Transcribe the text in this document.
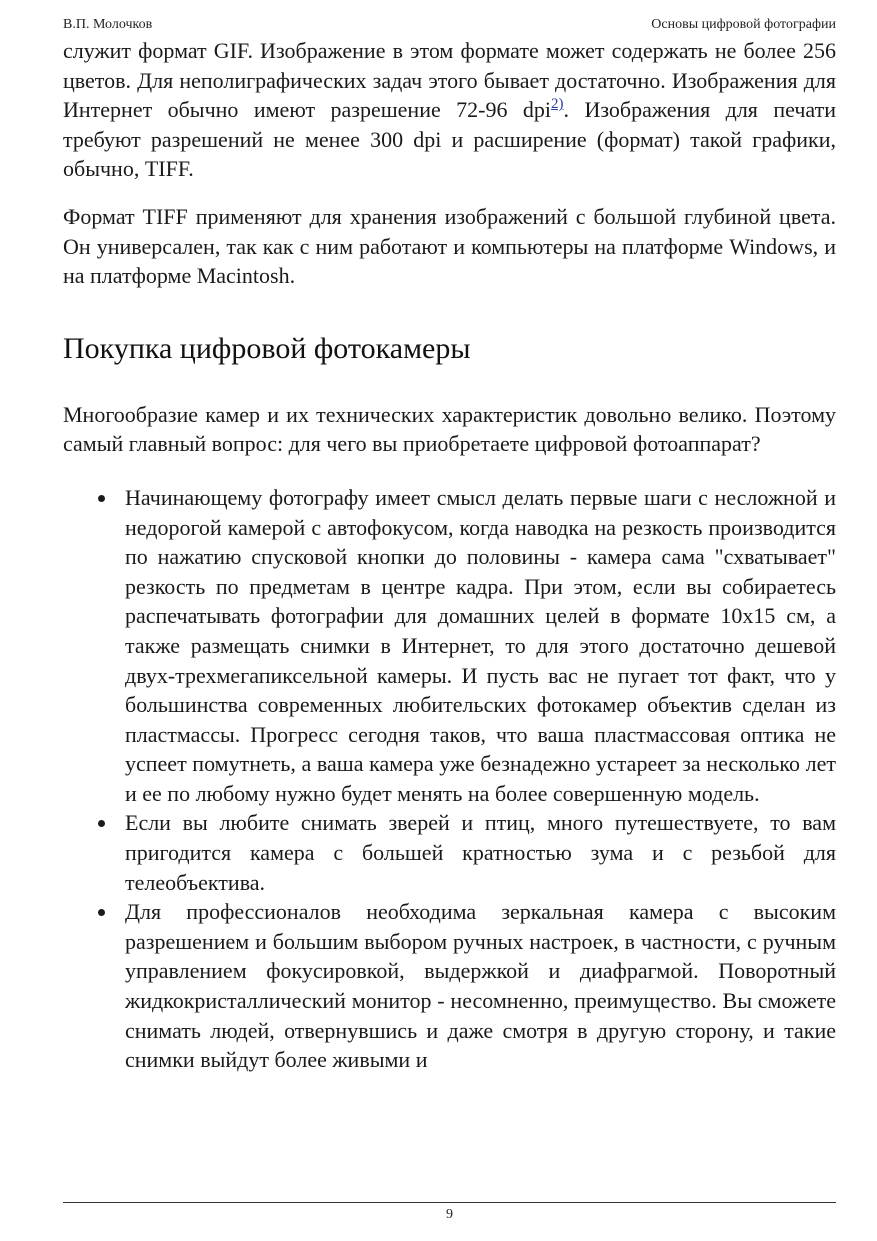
В.П. Молочков	Основы цифровой фотографии

служит формат GIF. Изображение в этом формате может содержать не более 256 цветов. Для неполиграфических задач этого бывает достаточно. Изображения для Интернет обычно имеют разрешение 72-96 dpi$^{2)}$. Изображения для печати требуют разрешений не менее 300 dpi и расширение (формат) такой графики, обычно, TIFF.

Формат TIFF применяют для хранения изображений с большой глубиной цвета. Он универсален, так как с ним работают и компьютеры на платформе Windows, и на платформе Macintosh.

Покупка цифровой фотокамеры

Многообразие камер и их технических характеристик довольно велико. Поэтому самый главный вопрос: для чего вы приобретаете цифровой фотоаппарат?

Начинающему фотографу имеет смысл делать первые шаги с несложной и недорогой камерой с автофокусом, когда наводка на резкость производится по нажатию спусковой кнопки до половины - камера сама "схватывает" резкость по предметам в центре кадра. При этом, если вы собираетесь распечатывать фотографии для домашних целей в формате 10х15 см, а также размещать снимки в Интернет, то для этого достаточно дешевой двух-трехмегапиксельной камеры. И пусть вас не пугает тот факт, что у большинства современных любительских фотокамер объектив сделан из пластмассы. Прогресс сегодня таков, что ваша пластмассовая оптика не успеет помутнеть, а ваша камера уже безнадежно устареет за несколько лет и ее по любому нужно будет менять на более совершенную модель.
Если вы любите снимать зверей и птиц, много путешествуете, то вам пригодится камера с большей кратностью зума и с резьбой для телеобъектива.
Для профессионалов необходима зеркальная камера с высоким разрешением и большим выбором ручных настроек, в частности, с ручным управлением фокусировкой, выдержкой и диафрагмой. Поворотный жидкокристаллический монитор - несомненно, преимущество. Вы сможете снимать людей, отвернувшись и даже смотря в другую сторону, и такие снимки выйдут более живыми и
9
